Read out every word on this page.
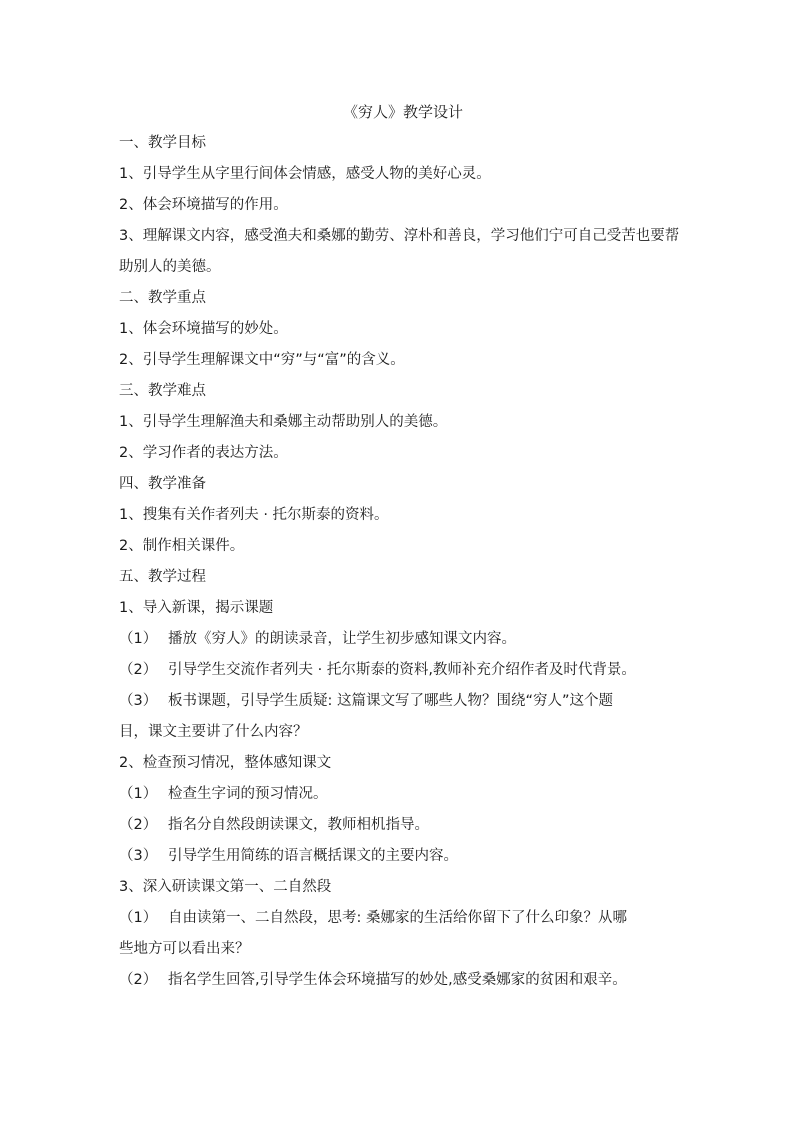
《穷人》教学设计

一、教学目标

1、引导学生从字里行间体会情感，感受人物的美好心灵。

2、体会环境描写的作用。

3、理解课文内容，感受渔夫和桑娜的勤劳、淳朴和善良，学习他们宁可自己受苦也要帮助别人的美德。

二、教学重点

1、体会环境描写的妙处。

2、引导学生理解课文中“穷”与“富”的含义。

三、教学难点

1、引导学生理解渔夫和桑娜主动帮助别人的美德。

2、学习作者的表达方法。

四、教学准备

1、搜集有关作者列夫 · 托尔斯泰的资料。

2、制作相关课件。

五、教学过程

1、导入新课，揭示课题

（1） 播放《穷人》的朗读录音，让学生初步感知课文内容。

（2） 引导学生交流作者列夫 · 托尔斯泰的资料,教师补充介绍作者及时代背景。

（3） 板书课题，引导学生质疑: 这篇课文写了哪些人物？围绕“穷人”这个题

目，课文主要讲了什么内容？

2、检查预习情况，整体感知课文

（1） 检查生字词的预习情况。

（2） 指名分自然段朗读课文，教师相机指导。

（3） 引导学生用简练的语言概括课文的主要内容。

3、深入研读课文第一、二自然段

（1） 自由读第一、二自然段，思考: 桑娜家的生活给你留下了什么印象？从哪

些地方可以看出来？

（2） 指名学生回答,引导学生体会环境描写的妙处,感受桑娜家的贫困和艰辛。
